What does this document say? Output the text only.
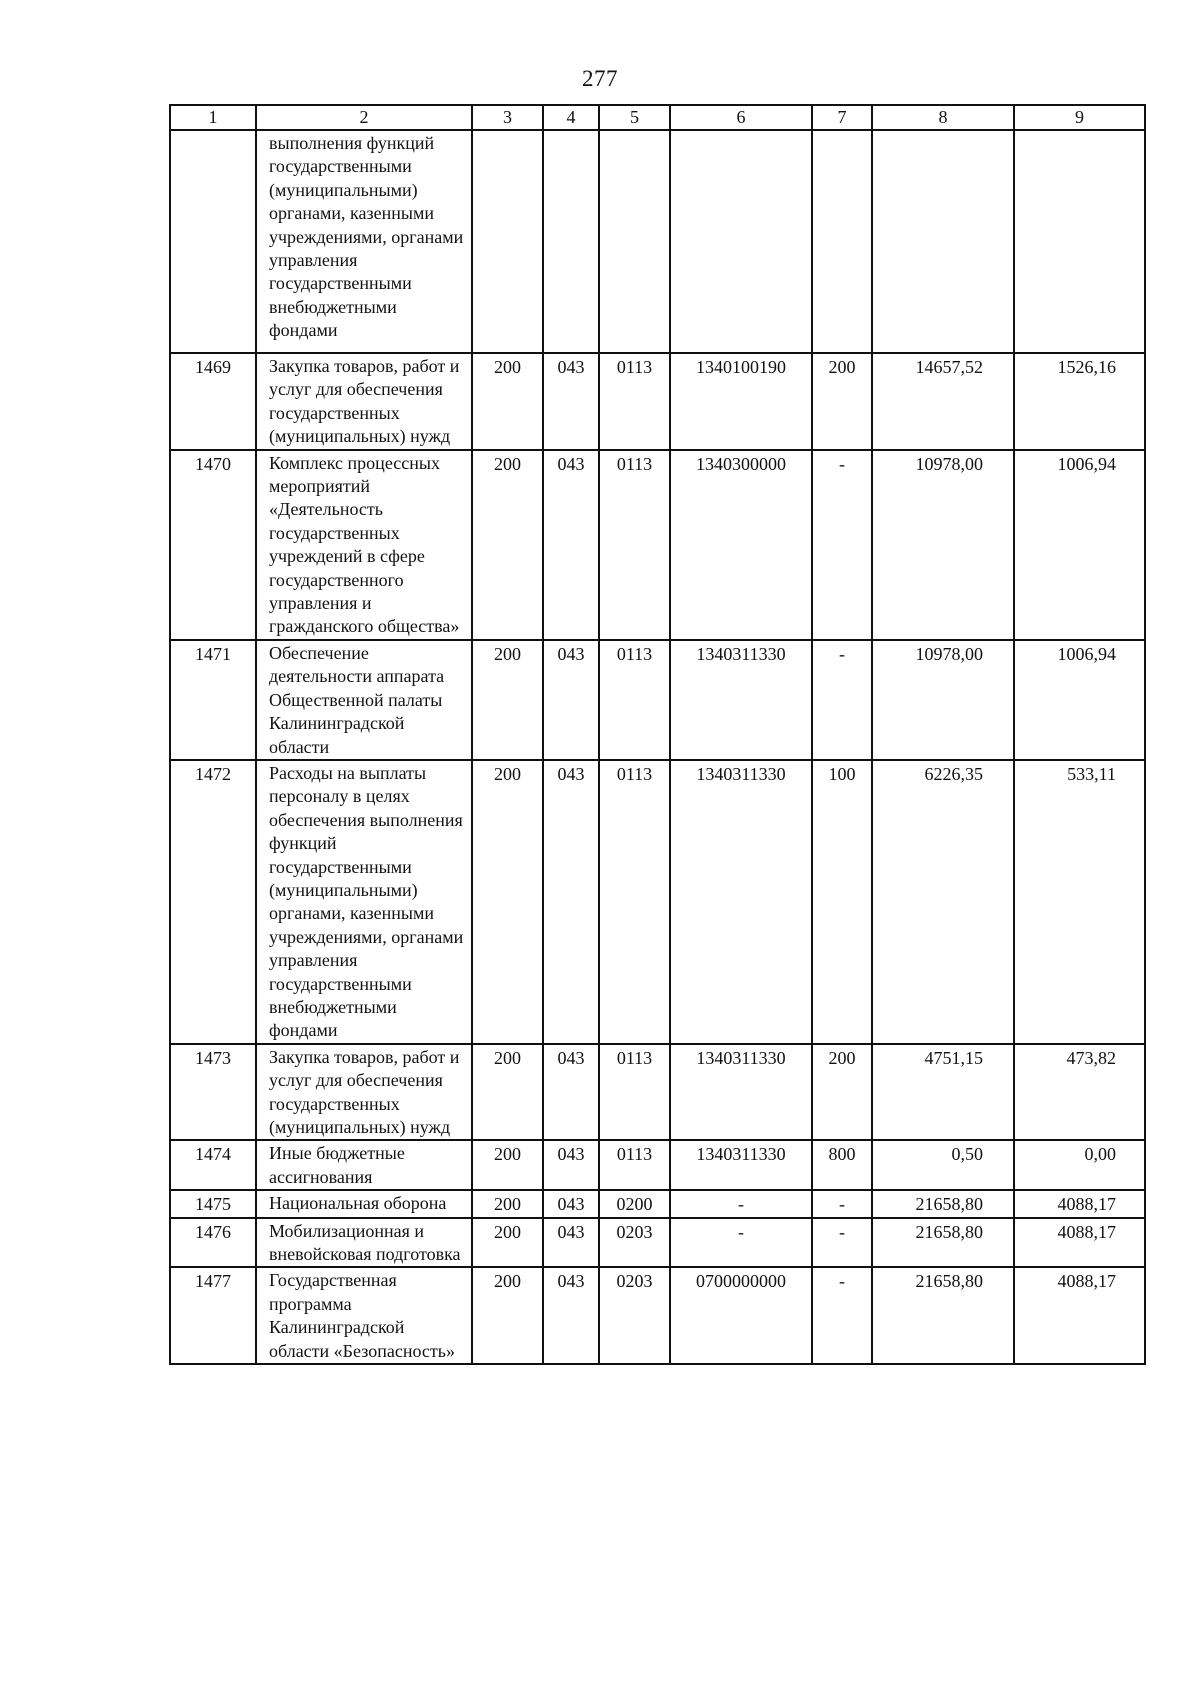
277
1	2	3	4	5	6	7	8	9
	выполнения функций государственными (муниципальными) органами, казенными учреждениями, органами управления государственными внебюджетными фондами							
1469	Закупка товаров, работ и услуг для обеспечения государственных (муниципальных) нужд	200	043	0113	1340100190	200	14657,52	1526,16
1470	Комплекс процессных мероприятий «Деятельность государственных учреждений в сфере государственного управления и гражданского общества»	200	043	0113	1340300000	-	10978,00	1006,94
1471	Обеспечение деятельности аппарата Общественной палаты Калининградской области	200	043	0113	1340311330	-	10978,00	1006,94
1472	Расходы на выплаты персоналу в целях обеспечения выполнения функций государственными (муниципальными) органами, казенными учреждениями, органами управления государственными внебюджетными фондами	200	043	0113	1340311330	100	6226,35	533,11
1473	Закупка товаров, работ и услуг для обеспечения государственных (муниципальных) нужд	200	043	0113	1340311330	200	4751,15	473,82
1474	Иные бюджетные ассигнования	200	043	0113	1340311330	800	0,50	0,00
1475	Национальная оборона	200	043	0200	-	-	21658,80	4088,17
1476	Мобилизационная и вневойсковая подготовка	200	043	0203	-	-	21658,80	4088,17
1477	Государственная программа Калининградской области «Безопасность»	200	043	0203	0700000000	-	21658,80	4088,17
